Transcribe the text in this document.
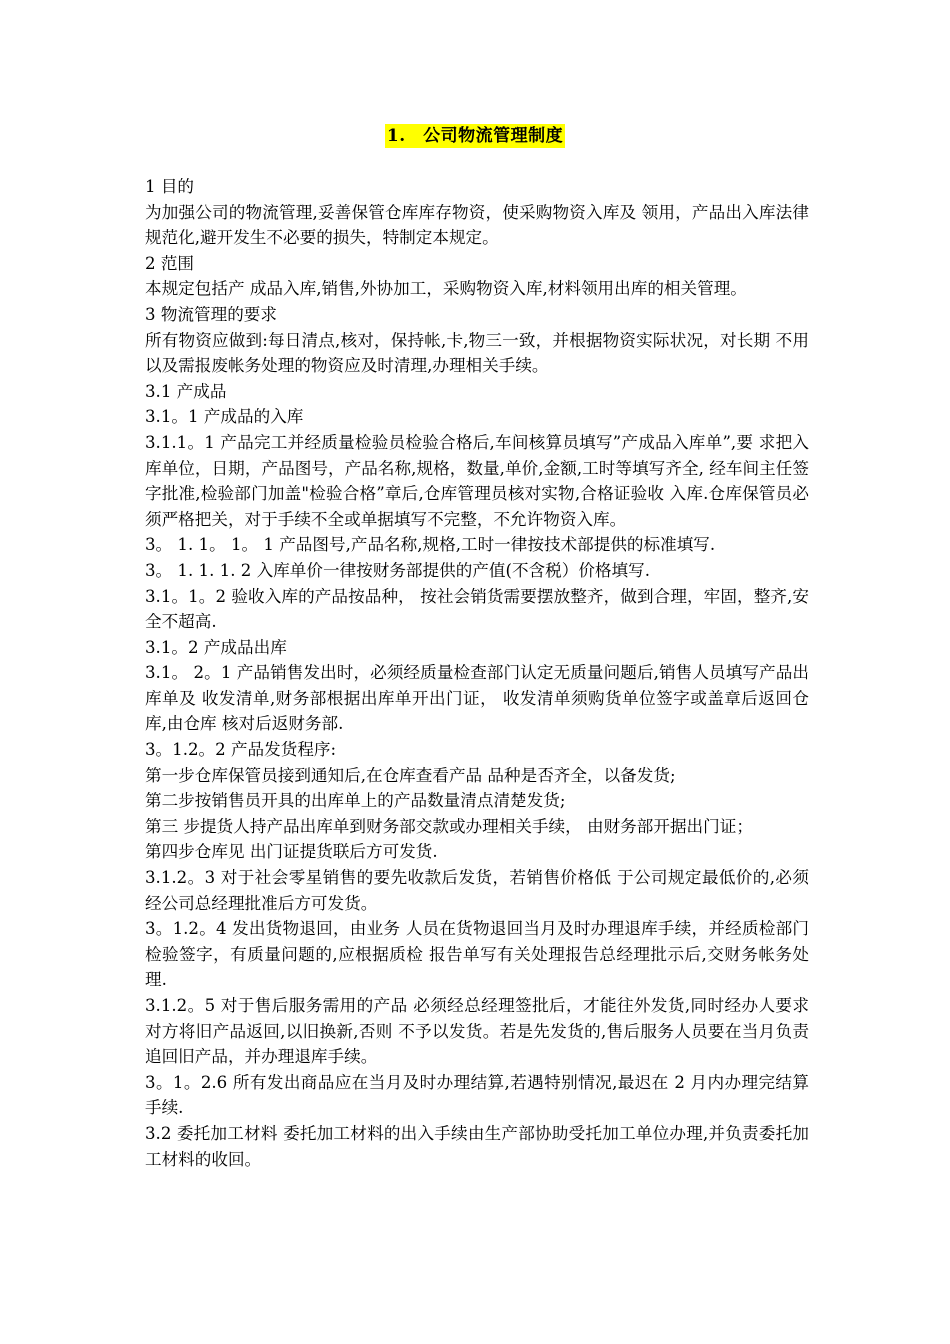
1.　公司物流管理制度

1 目的

为加强公司的物流管理,妥善保管仓库库存物资，使采购物资入库及 领用，产品出入库法律规范化,避开发生不必要的损失，特制定本规定。

2 范围

本规定包括产 成品入库,销售,外协加工，采购物资入库,材料领用出库的相关管理。

3 物流管理的要求

所有物资应做到:每日清点,核对，保持帐,卡,物三一致，并根据物资实际状况，对长期 不用以及需报废帐务处理的物资应及时清理,办理相关手续。

3.1 产成品

3.1。1 产成品的入库

3.1.1。1 产品完工并经质量检验员检验合格后,车间核算员填写”产成品入库单”,要 求把入库单位，日期，产品图号，产品名称,规格，数量,单价,金额,工时等填写齐全, 经车间主任签字批准,检验部门加盖"检验合格”章后,仓库管理员核对实物,合格证验收 入库.仓库保管员必须严格把关，对于手续不全或单据填写不完整，不允许物资入库。

3。 1. 1。 1。 1 产品图号,产品名称,规格,工时一律按技术部提供的标准填写.

3。 1. 1. 1. 2 入库单价一律按财务部提供的产值(不含税）价格填写.

3.1。1。2 验收入库的产品按品种， 按社会销货需要摆放整齐，做到合理，牢固，整齐,安全不超高.

3.1。2 产成品出库

3.1。 2。1 产品销售发出时，必须经质量检查部门认定无质量问题后,销售人员填写产品出库单及 收发清单,财务部根据出库单开出门证， 收发清单须购货单位签字或盖章后返回仓库,由仓库 核对后返财务部.

3。1.2。2 产品发货程序:

第一步仓库保管员接到通知后,在仓库查看产品 品种是否齐全，以备发货;

第二步按销售员开具的出库单上的产品数量清点清楚发货;

第三 步提货人持产品出库单到财务部交款或办理相关手续， 由财务部开据出门证；

第四步仓库见 出门证提货联后方可发货.

3.1.2。3 对于社会零星销售的要先收款后发货，若销售价格低 于公司规定最低价的,必须经公司总经理批准后方可发货。

3。1.2。4 发出货物退回，由业务 人员在货物退回当月及时办理退库手续，并经质检部门检验签字，有质量问题的,应根据质检 报告单写有关处理报告总经理批示后,交财务帐务处理.

3.1.2。5 对于售后服务需用的产品 必须经总经理签批后，才能往外发货,同时经办人要求对方将旧产品返回,以旧换新,否则 不予以发货。若是先发货的,售后服务人员要在当月负责追回旧产品，并办理退库手续。

3。1。2.6 所有发出商品应在当月及时办理结算,若遇特别情况,最迟在 2 月内办理完结算手续.

3.2 委托加工材料 委托加工材料的出入手续由生产部协助受托加工单位办理,并负责委托加工材料的收回。
